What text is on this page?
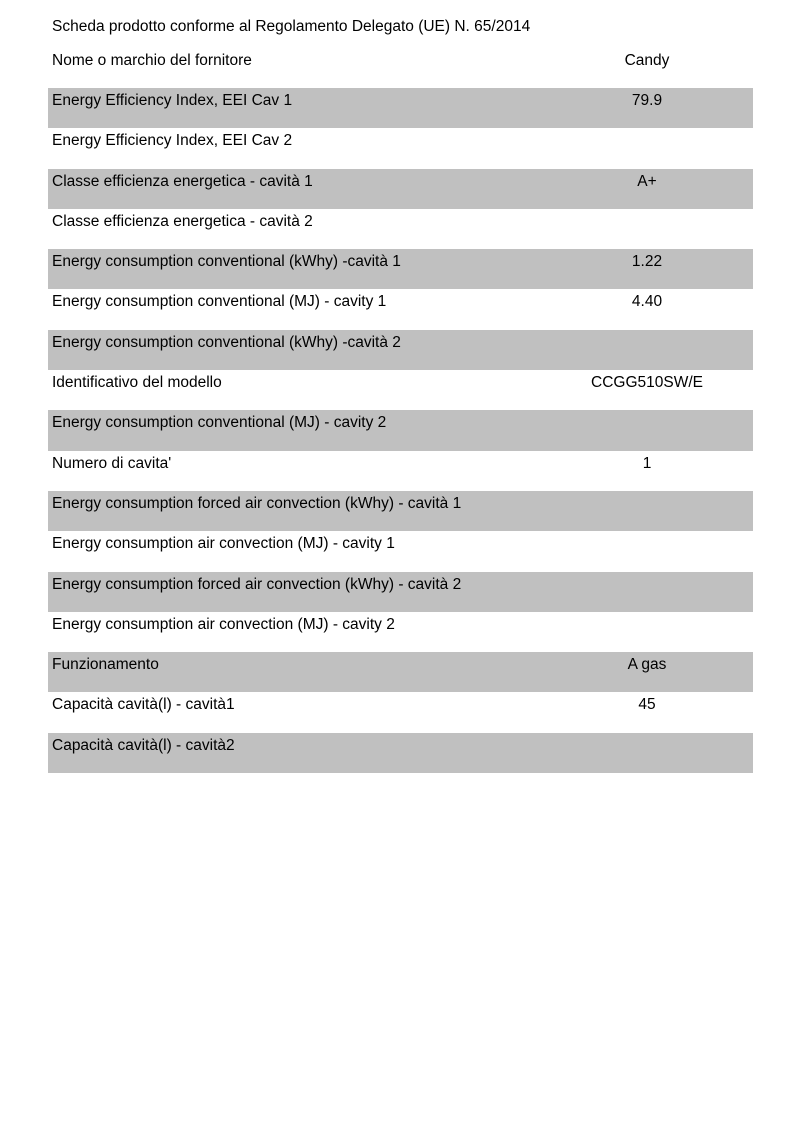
Scheda prodotto conforme al Regolamento Delegato (UE) N. 65/2014
Nome o marchio del fornitore	Candy
Energy Efficiency Index, EEI Cav 1	79.9
Energy Efficiency Index, EEI Cav 2
Classe efficienza energetica - cavità 1	A+
Classe efficienza energetica - cavità 2
Energy consumption conventional (kWhy) -cavità 1	1.22
Energy consumption conventional (MJ) - cavity 1	4.40
Energy consumption conventional (kWhy) -cavità 2
Identificativo del modello	CCGG510SW/E
Energy consumption conventional (MJ) - cavity 2
Numero di cavita'	1
Energy consumption forced air convection (kWhy) - cavità 1
Energy consumption air convection (MJ) - cavity 1
Energy consumption forced air convection (kWhy) - cavità 2
Energy consumption air convection (MJ) - cavity 2
Funzionamento	A gas
Capacità cavità(l) - cavità1	45
Capacità cavità(l) - cavità2
